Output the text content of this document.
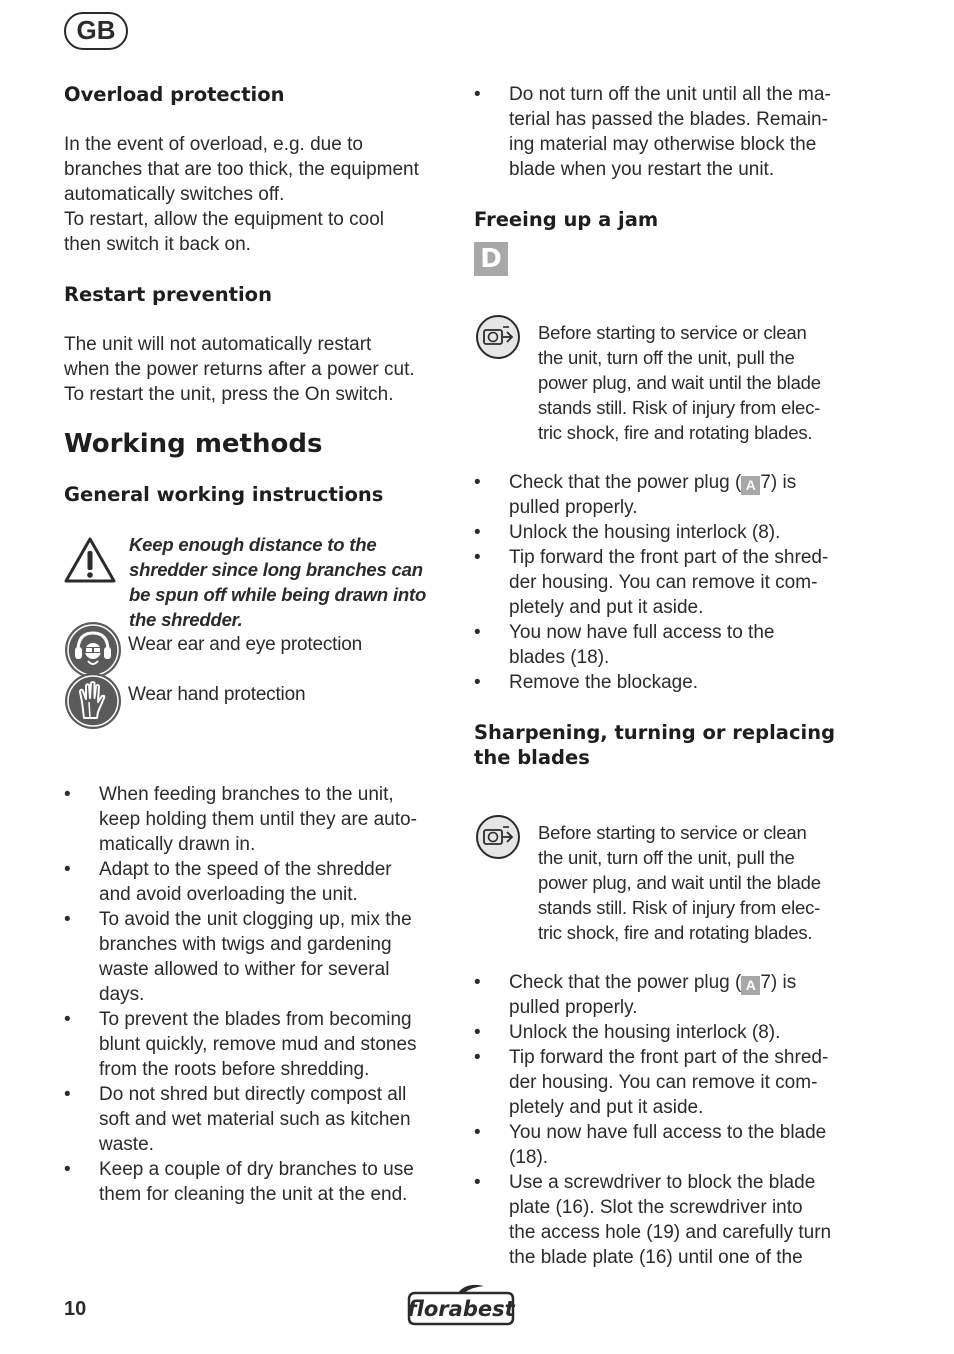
GB
Overload protection
In the event of overload, e.g. due to
branches that are too thick, the equipment
automatically switches off.
To restart, allow the equipment to cool
then switch it back on.
Restart prevention
The unit will not automatically restart
when the power returns after a power cut.
To restart the unit, press the On switch.
Working methods
General working instructions
Keep enough distance to the
shredder since long branches can
be spun off while being drawn into
the shredder.
Wear ear and eye protection
Wear hand protection
• When feeding branches to the unit,
keep holding them until they are auto-
matically drawn in.
• Adapt to the speed of the shredder
and avoid overloading the unit.
• To avoid the unit clogging up, mix the
branches with twigs and gardening
waste allowed to wither for several
days.
• To prevent the blades from becoming
blunt quickly, remove mud and stones
from the roots before shredding.
• Do not shred but directly compost all
soft and wet material such as kitchen
waste.
• Keep a couple of dry branches to use
them for cleaning the unit at the end.
• Do not turn off the unit until all the ma-
terial has passed the blades. Remain-
ing material may otherwise block the
blade when you restart the unit.
Freeing up a jam
D
Before starting to service or clean
the unit, turn off the unit, pull the
power plug, and wait until the blade
stands still. Risk of injury from elec-
tric shock, fire and rotating blades.
• Check that the power plug ( A 7) is
pulled properly.
• Unlock the housing interlock (8).
• Tip forward the front part of the shred-
der housing. You can remove it com-
pletely and put it aside.
• You now have full access to the
blades (18).
• Remove the blockage.
Sharpening, turning or replacing
the blades
Before starting to service or clean
the unit, turn off the unit, pull the
power plug, and wait until the blade
stands still. Risk of injury from elec-
tric shock, fire and rotating blades.
• Check that the power plug ( A 7) is
pulled properly.
• Unlock the housing interlock (8).
• Tip forward the front part of the shred-
der housing. You can remove it com-
pletely and put it aside.
• You now have full access to the blade
(18).
• Use a screwdriver to block the blade
plate (16). Slot the screwdriver into
the access hole (19) and carefully turn
the blade plate (16) until one of the
10	florabest
